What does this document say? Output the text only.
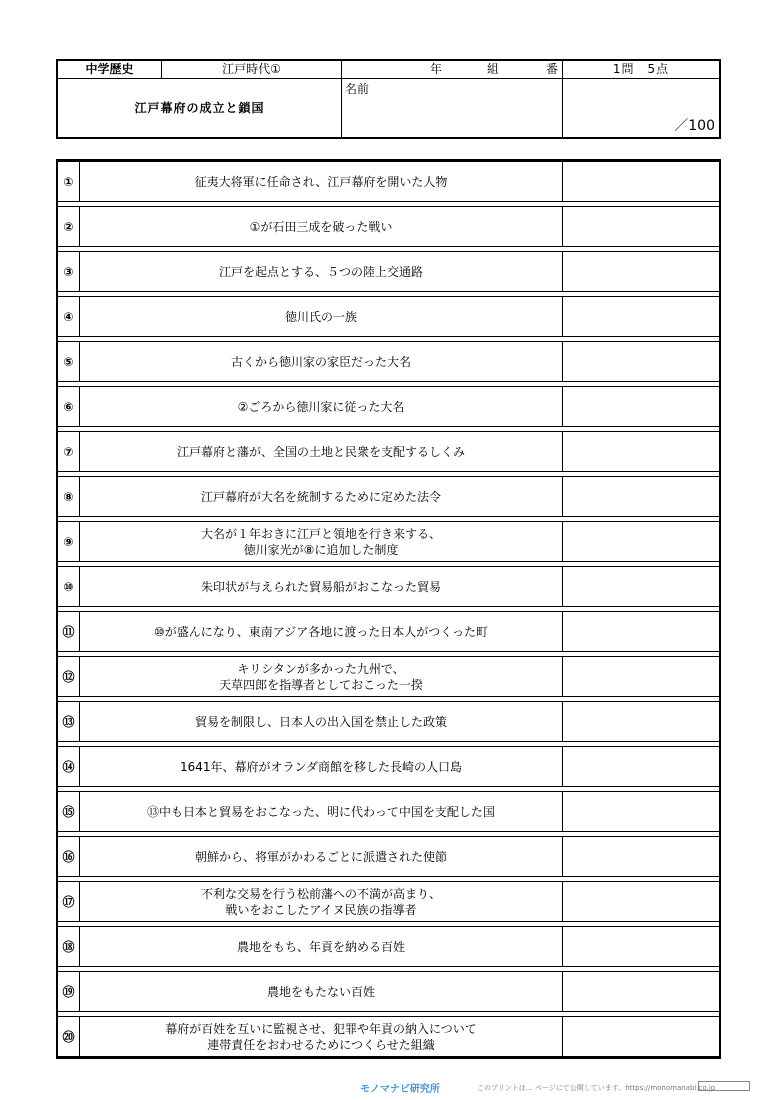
中学歴史	江戸時代①	年	組	番	1問　5点
江戸幕府の成立と鎖国
名前
／100
①	征夷大将軍に任命され、江戸幕府を開いた人物
②	①が石田三成を破った戦い
③	江戸を起点とする、５つの陸上交通路
④	徳川氏の一族
⑤	古くから徳川家の家臣だった大名
⑥	②ごろから徳川家に従った大名
⑦	江戸幕府と藩が、全国の土地と民衆を支配するしくみ
⑧	江戸幕府が大名を統制するために定めた法令
⑨
大名が１年おきに江戸と領地を行き来する、
徳川家光が⑧に追加した制度
⑩	朱印状が与えられた貿易船がおこなった貿易
⑪	⑩が盛んになり、東南アジア各地に渡った日本人がつくった町
⑫
キリシタンが多かった九州で、
天草四郎を指導者としておこった一揆
⑬	貿易を制限し、日本人の出入国を禁止した政策
⑭	1641年、幕府がオランダ商館を移した長崎の人口島
⑮	⑬中も日本と貿易をおこなった、明に代わって中国を支配した国
⑯	朝鮮から、将軍がかわるごとに派遣された使節
⑰
不利な交易を行う松前藩への不満が高まり、
戦いをおこしたアイヌ民族の指導者
⑱	農地をもち、年貢を納める百姓
⑲	農地をもたない百姓
⑳
幕府が百姓を互いに監視させ、犯罪や年貢の納入について
連帯責任をおわせるためにつくらせた組織
モノマナビ研究所	このプリントは… ページにて公開しています。https://monomanabi.co.jp
